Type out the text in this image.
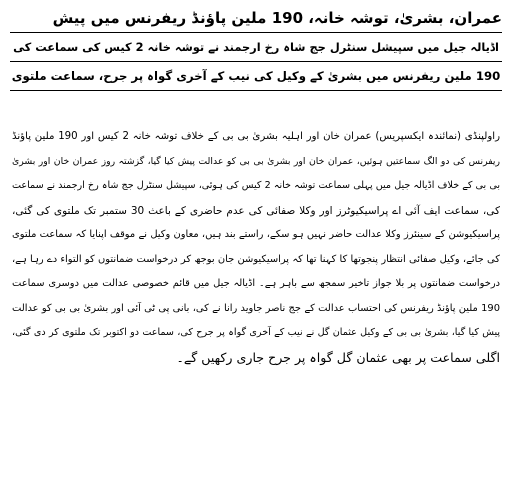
عمران، بشریٰ، توشہ خانہ، 190 ملین پاؤنڈ ریفرنس میں پیش
اڈیالہ جیل میں سپیشل سنٹرل جج شاہ رخ ارجمند نے توشہ خانہ 2 کیس کی سماعت کی
190 ملین ریفرنس میں بشریٰ کے وکیل کی نیب کے آخری گواہ پر جرح، سماعت ملتوی
راولپنڈی (نمائندہ ایکسپریس) عمران خان اور اہلیہ بشریٰ بی بی کے خلاف توشہ خانہ 2 کیس اور 190 ملین پاؤنڈ
ریفرنس کی دو الگ سماعتیں ہوئیں، عمران خان اور بشریٰ بی بی کو عدالت پیش کیا گیا، گزشتہ روز عمران خان اور بشریٰ
بی بی کے خلاف اڈیالہ جیل میں پہلی سماعت توشہ خانہ 2 کیس کی ہوئی، سپیشل سنٹرل جج شاہ رخ ارجمند نے سماعت
کی، سماعت ایف آئی اے پراسیکیوٹرز اور وکلا صفائی کی عدم حاضری کے باعث 30 ستمبر تک ملتوی کی گئی،
پراسیکیوشن کے سینئرز وکلا عدالت حاضر نہیں ہو سکے، راستے بند ہیں، معاون وکیل نے موقف اپنایا کہ سماعت ملتوی
کی جائے، وکیل صفائی انتظار پنجوتھا کا کہنا تھا کہ پراسیکیوشن جان بوجھ کر درخواست ضمانتوں کو التواء دے رہا ہے،
درخواست ضمانتوں پر بلا جواز تاخیر سمجھ سے باہر ہے۔ اڈیالہ جیل میں قائم خصوصی عدالت میں دوسری سماعت
190 ملین پاؤنڈ ریفرنس کی احتساب عدالت کے جج ناصر جاوید رانا نے کی، بانی پی ٹی آئی اور بشریٰ بی بی کو عدالت
پیش کیا گیا، بشریٰ بی بی کے وکیل عثمان گل نے نیب کے آخری گواہ پر جرح کی، سماعت دو اکتوبر تک ملتوی کر دی گئی،
اگلی سماعت پر بھی عثمان گل گواہ پر جرح جاری رکھیں گے۔
